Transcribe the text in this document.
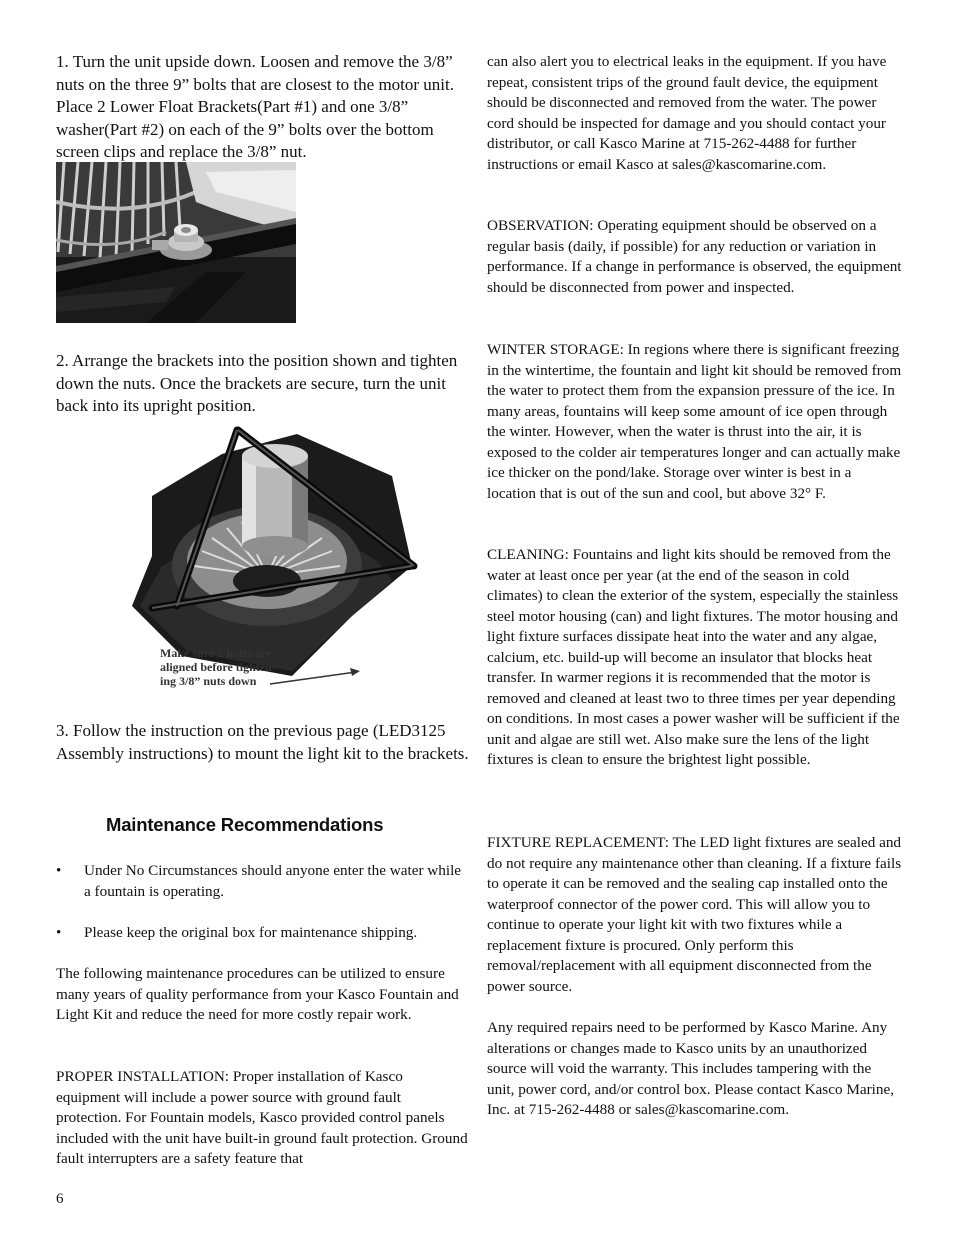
1. Turn the unit upside down. Loosen and remove the 3/8” nuts on the three 9” bolts that are closest to the motor unit. Place 2 Lower Float Brackets(Part #1) and one 3/8” washer(Part #2) on each of the 9” bolts over the bottom screen clips and replace the 3/8” nut.

2. Arrange the brackets into the position shown and tighten down the nuts. Once the brackets are secure, turn the unit back into its upright position.

Make sure 2 holes are
aligned before tighten-
ing 3/8” nuts down

3. Follow the instruction on the previous page (LED3125 Assembly instructions) to mount the light kit to the brackets.

Maintenance Recommendations
• Under No Circumstances should anyone enter the water while a fountain is operating.
• Please keep the original box for maintenance shipping.

The following maintenance procedures can be utilized to ensure many years of quality performance from your Kasco Fountain and Light Kit and reduce the need for more costly repair work.

PROPER INSTALLATION: Proper installation of Kasco equipment will include a power source with ground fault protection. For Fountain models, Kasco provided control panels included with the unit have built-in ground fault protection. Ground fault interrupters are a safety feature that

6

can also alert you to electrical leaks in the equipment. If you have repeat, consistent trips of the ground fault device, the equipment should be disconnected and removed from the water. The power cord should be inspected for damage and you should contact your distributor, or call Kasco Marine at 715-262-4488 for further instructions or email Kasco at sales@kascomarine.com.

OBSERVATION: Operating equipment should be observed on a regular basis (daily, if possible) for any reduction or variation in performance. If a change in performance is observed, the equipment should be disconnected from power and inspected.

WINTER STORAGE: In regions where there is significant freezing in the wintertime, the fountain and light kit should be removed from the water to protect them from the expansion pressure of the ice. In many areas, fountains will keep some amount of ice open through the winter. However, when the water is thrust into the air, it is exposed to the colder air temperatures longer and can actually make ice thicker on the pond/lake. Storage over winter is best in a location that is out of the sun and cool, but above 32° F.

CLEANING: Fountains and light kits should be removed from the water at least once per year (at the end of the season in cold climates) to clean the exterior of the system, especially the stainless steel motor housing (can) and light fixtures. The motor housing and light fixture surfaces dissipate heat into the water and any algae, calcium, etc. build-up will become an insulator that blocks heat transfer. In warmer regions it is recommended that the motor is removed and cleaned at least two to three times per year depending on conditions. In most cases a power washer will be sufficient if the unit and algae are still wet. Also make sure the lens of the light fixtures is clean to ensure the brightest light possible.

FIXTURE REPLACEMENT: The LED light fixtures are sealed and do not require any maintenance other than cleaning. If a fixture fails to operate it can be removed and the sealing cap installed onto the waterproof connector of the power cord. This will allow you to continue to operate your light kit with two fixtures while a replacement fixture is procured. Only perform this removal/replacement with all equipment disconnected from the power source.

Any required repairs need to be performed by Kasco Marine. Any alterations or changes made to Kasco units by an unauthorized source will void the warranty. This includes tampering with the unit, power cord, and/or control box. Please contact Kasco Marine, Inc. at 715-262-4488 or sales@kascomarine.com.
